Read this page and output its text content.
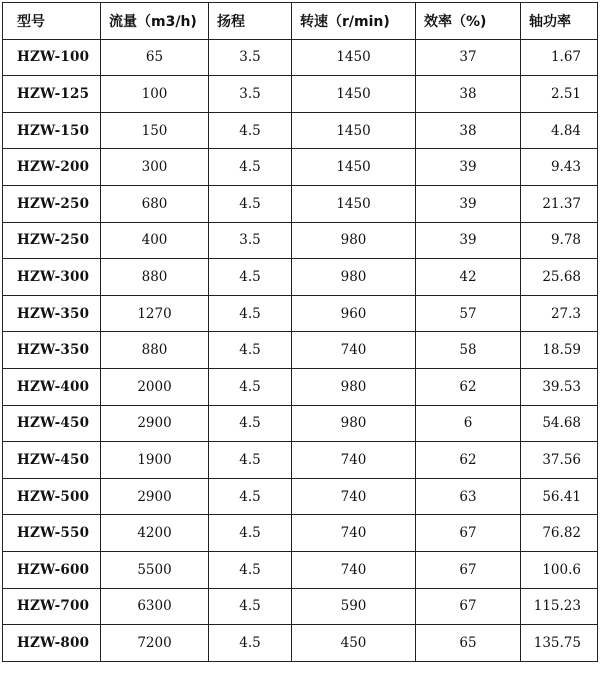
型号	流量（m3/h)	扬程	转速（r/min)	效率（%)	轴功率
HZW-100	65	3.5	1450	37	1.67
HZW-125	100	3.5	1450	38	2.51
HZW-150	150	4.5	1450	38	4.84
HZW-200	300	4.5	1450	39	9.43
HZW-250	680	4.5	1450	39	21.37
HZW-250	400	3.5	980	39	9.78
HZW-300	880	4.5	980	42	25.68
HZW-350	1270	4.5	960	57	27.3
HZW-350	880	4.5	740	58	18.59
HZW-400	2000	4.5	980	62	39.53
HZW-450	2900	4.5	980	6	54.68
HZW-450	1900	4.5	740	62	37.56
HZW-500	2900	4.5	740	63	56.41
HZW-550	4200	4.5	740	67	76.82
HZW-600	5500	4.5	740	67	100.6
HZW-700	6300	4.5	590	67	115.23
HZW-800	7200	4.5	450	65	135.75
